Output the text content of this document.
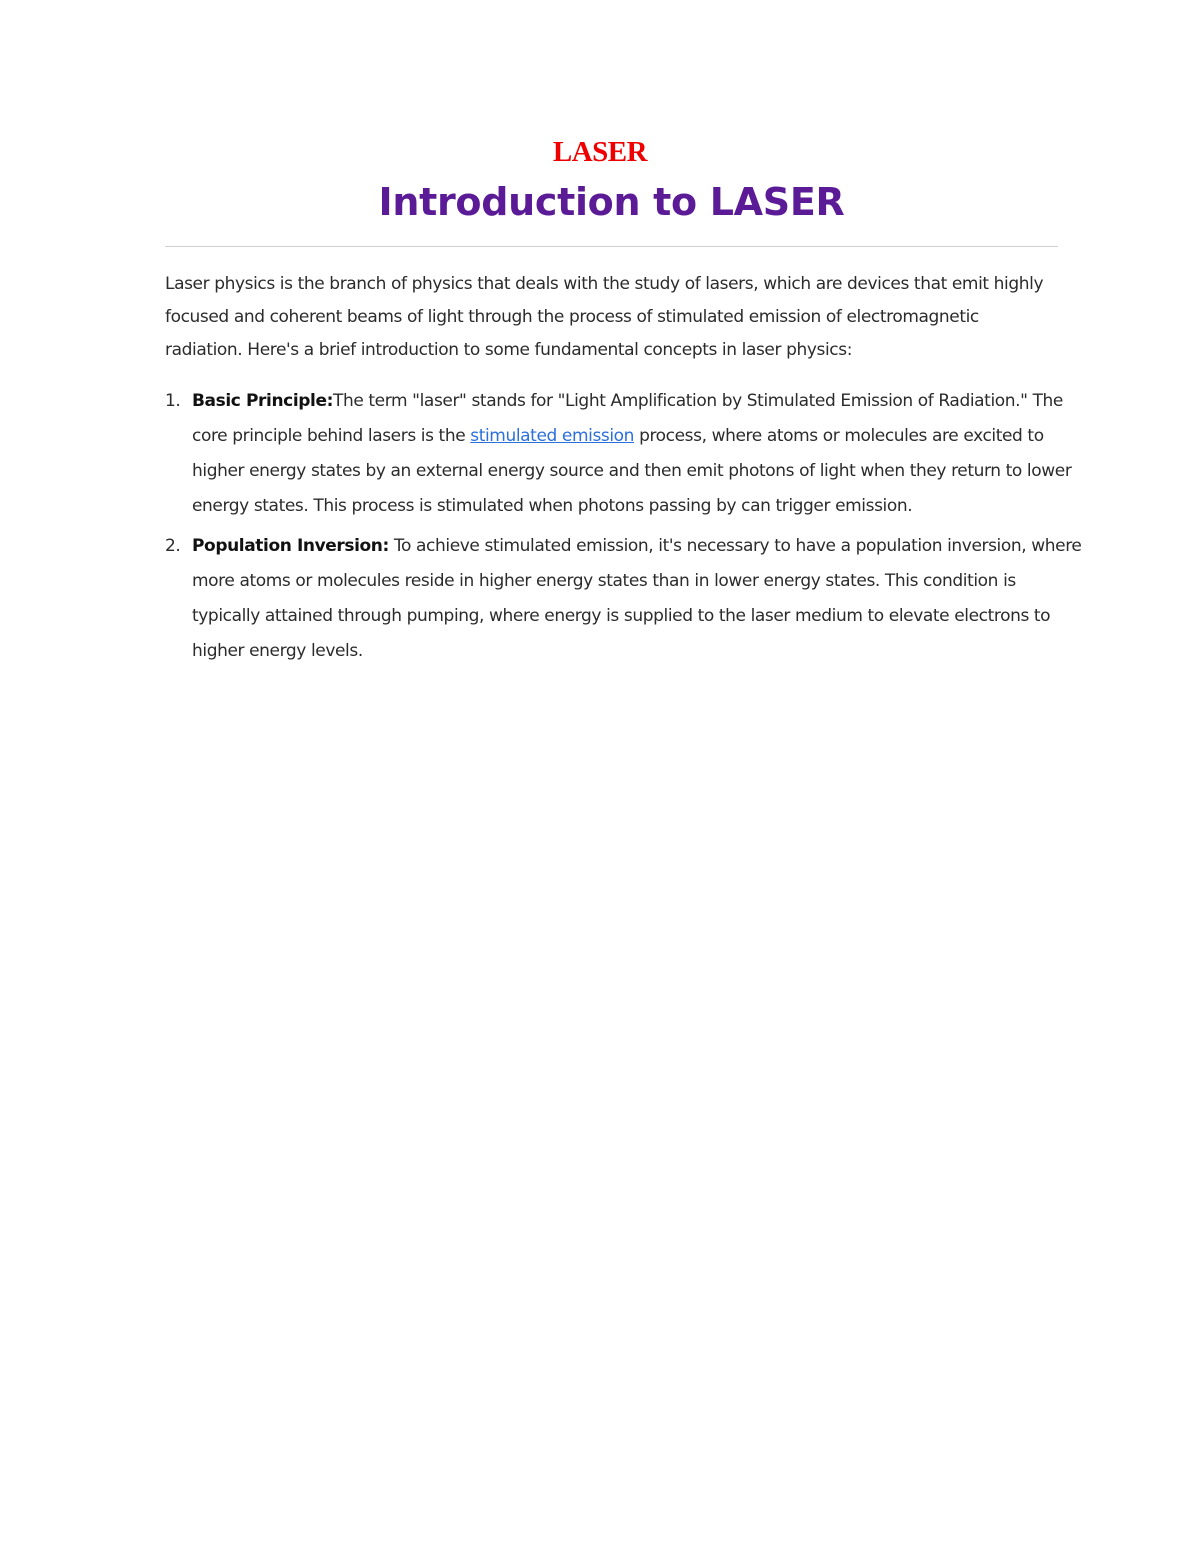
LASER
Introduction to LASER

Laser physics is the branch of physics that deals with the study of lasers, which are devices that emit highly focused and coherent beams of light through the process of stimulated emission of electromagnetic radiation. Here's a brief introduction to some fundamental concepts in laser physics:

1. Basic Principle:The term "laser" stands for "Light Amplification by Stimulated Emission of Radiation." The core principle behind lasers is the stimulated emission process, where atoms or molecules are excited to higher energy states by an external energy source and then emit photons of light when they return to lower energy states. This process is stimulated when photons passing by can trigger emission.
2. Population Inversion: To achieve stimulated emission, it's necessary to have a population inversion, where more atoms or molecules reside in higher energy states than in lower energy states. This condition is typically attained through pumping, where energy is supplied to the laser medium to elevate electrons to higher energy levels.
